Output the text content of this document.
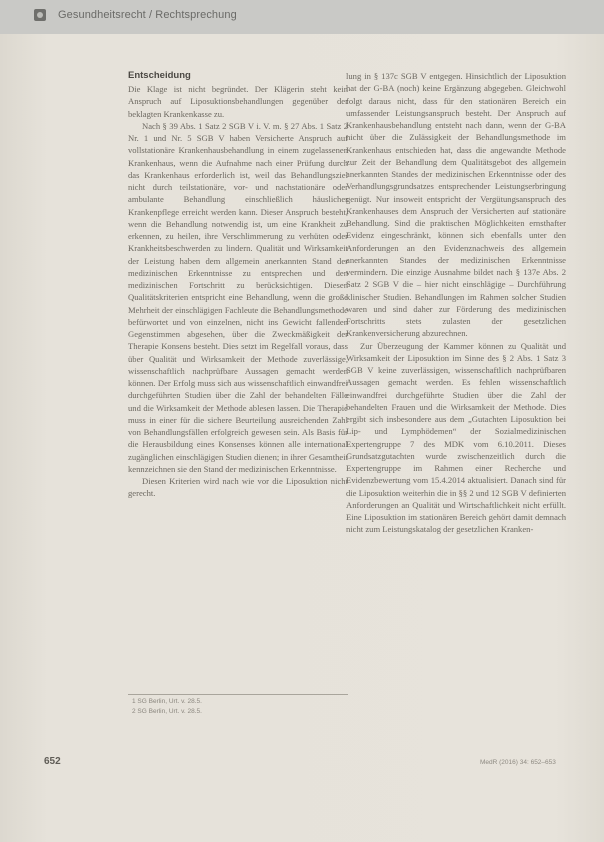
Gesundheitsrecht / Rechtsprechung
Entscheidung

Die Klage ist nicht begründet. Der Klägerin steht kein Anspruch auf Liposuktionsbehandlungen gegenüber der beklagten Krankenkasse zu.

Nach § 39 Abs. 1 Satz 2 SGB V i. V. m. § 27 Abs. 1 Satz 2 Nr. 1 und Nr. 5 SGB V haben Versicherte Anspruch auf vollstationäre Krankenhausbehandlung in einem zugelassenen Krankenhaus, wenn die Aufnahme nach einer Prüfung durch das Krankenhaus erforderlich ist, weil das Behandlungsziel nicht durch teilstationäre, vor- und nachstationäre oder ambulante Behandlung einschließlich häuslicher Krankenpflege erreicht werden kann. Dieser Anspruch besteht, wenn die Behandlung notwendig ist, um eine Krankheit zu erkennen, zu heilen, ihre Verschlimmerung zu verhüten oder Krankheitsbeschwerden zu lindern. Qualität und Wirksamkeit der Leistung haben dem allgemein anerkannten Stand der medizinischen Erkenntnisse zu entsprechen und den medizinischen Fortschritt zu berücksichtigen. Diesen Qualitätskriterien entspricht eine Behandlung, wenn die große Mehrheit der einschlägigen Fachleute die Behandlungsmethode befürwortet und von einzelnen, nicht ins Gewicht fallenden Gegenstimmen abgesehen, über die Zweckmäßigkeit der Therapie Konsens besteht. Dies setzt im Regelfall voraus, dass über Qualität und Wirksamkeit der Methode zuverlässige, wissenschaftlich nachprüfbare Aussagen gemacht werden können. Der Erfolg muss sich aus wissenschaftlich einwandfrei durchgeführten Studien über die Zahl der behandelten Fälle und die Wirksamkeit der Methode ablesen lassen. Die Therapie muss in einer für die sichere Beurteilung ausreichenden Zahl von Behandlungsfällen erfolgreich gewesen sein. Als Basis für die Herausbildung eines Konsenses können alle international zugänglichen einschlägigen Studien dienen; in ihrer Gesamtheit kennzeichnen sie den Stand der medizinischen Erkenntnisse.

Diesen Kriterien wird nach wie vor die Liposuktion nicht gerecht.

lung in § 137c SGB V entgegen. Hinsichtlich der Liposuktion hat der G-BA (noch) keine Ergänzung abgegeben. Gleichwohl folgt daraus nicht, dass für den stationären Bereich ein umfassender Leistungsanspruch besteht. Der Anspruch auf Krankenhausbehandlung entsteht nach dann, wenn der G-BA nicht über die Zulässigkeit der Behandlungsmethode im Krankenhaus entschieden hat, dass die angewandte Methode zur Zeit der Behandlung dem Qualitätsgebot des allgemein anerkannten Standes der medizinischen Erkenntnisse oder des Verhandlungsgrundsatzes entsprechender Leistungserbringung genügt. Nur insoweit entspricht der Vergütungsanspruch des Krankenhauses dem Anspruch der Versicherten auf stationäre Behandlung. Sind die praktischen Möglichkeiten ernsthafter Evidenz eingeschränkt, können sich ebenfalls unter den Anforderungen an den Evidenznachweis des allgemein anerkannten Standes der medizinischen Erkenntnisse vermindern. Die einzige Ausnahme bildet nach § 137e Abs. 2 Satz 2 SGB V die – hier nicht einschlägige – Durchführung klinischer Studien. Behandlungen im Rahmen solcher Studien waren und sind daher zur Förderung des medizinischen Fortschritts stets zulasten der gesetzlichen Krankenversicherung abzurechnen.

Zur Überzeugung der Kammer können zu Qualität und Wirksamkeit der Liposuktion im Sinne des § 2 Abs. 1 Satz 3 SGB V keine zuverlässigen, wissenschaftlich nachprüfbaren Aussagen gemacht werden. Es fehlen wissenschaftlich einwandfrei durchgeführte Studien über die Zahl der behandelten Frauen und die Wirksamkeit der Methode. Dies ergibt sich insbesondere aus dem „Gutachten Liposuktion bei Lip- und Lymphödemen“ der Sozialmedizinischen Expertengruppe 7 des MDK vom 6.10.2011. Dieses Grundsatzgutachten wurde zwischenzeitlich durch die Expertengruppe im Rahmen einer Recherche und Evidenzbewertung vom 15.4.2014 aktualisiert. Danach sind für die Liposuktion weiterhin die in §§ 2 und 12 SGB V definierten Anforderungen an Qualität und Wirtschaftlichkeit nicht erfüllt. Eine Liposuktion im stationären Bereich gehört damit demnach nicht zum Leistungskatalog der gesetzlichen Kranken-

1 SG Berlin, Urt. v. 28.5.
2 SG Berlin, Urt. v. 28.5.
652	MedR (2016) 34: 652–653
